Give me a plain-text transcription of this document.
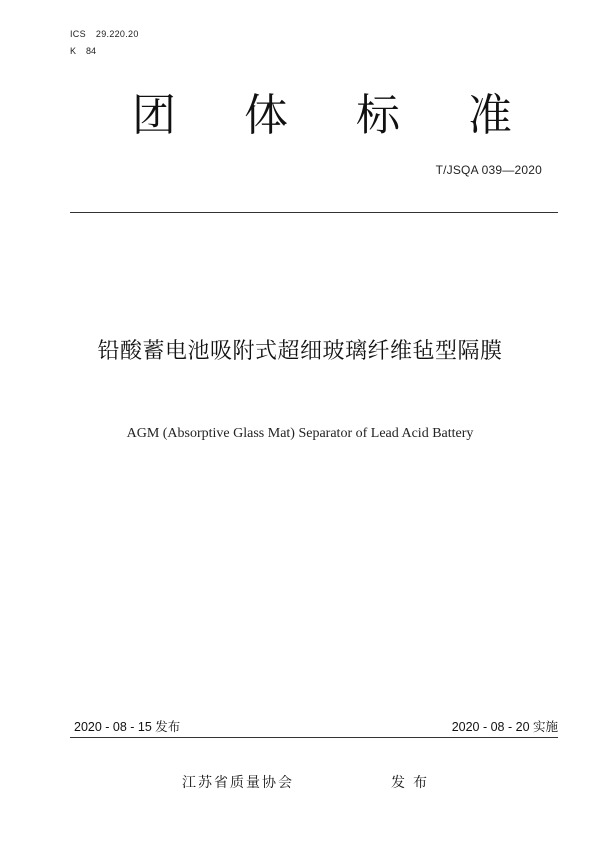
ICS 29.220.20
K 84
团 体 标 准
T/JSQA 039—2020
铅酸蓄电池吸附式超细玻璃纤维毡型隔膜
AGM (Absorptive Glass Mat) Separator of Lead Acid Battery
2020 - 08 - 15 发布	2020 - 08 - 20 实施
江苏省质量协会	发布
